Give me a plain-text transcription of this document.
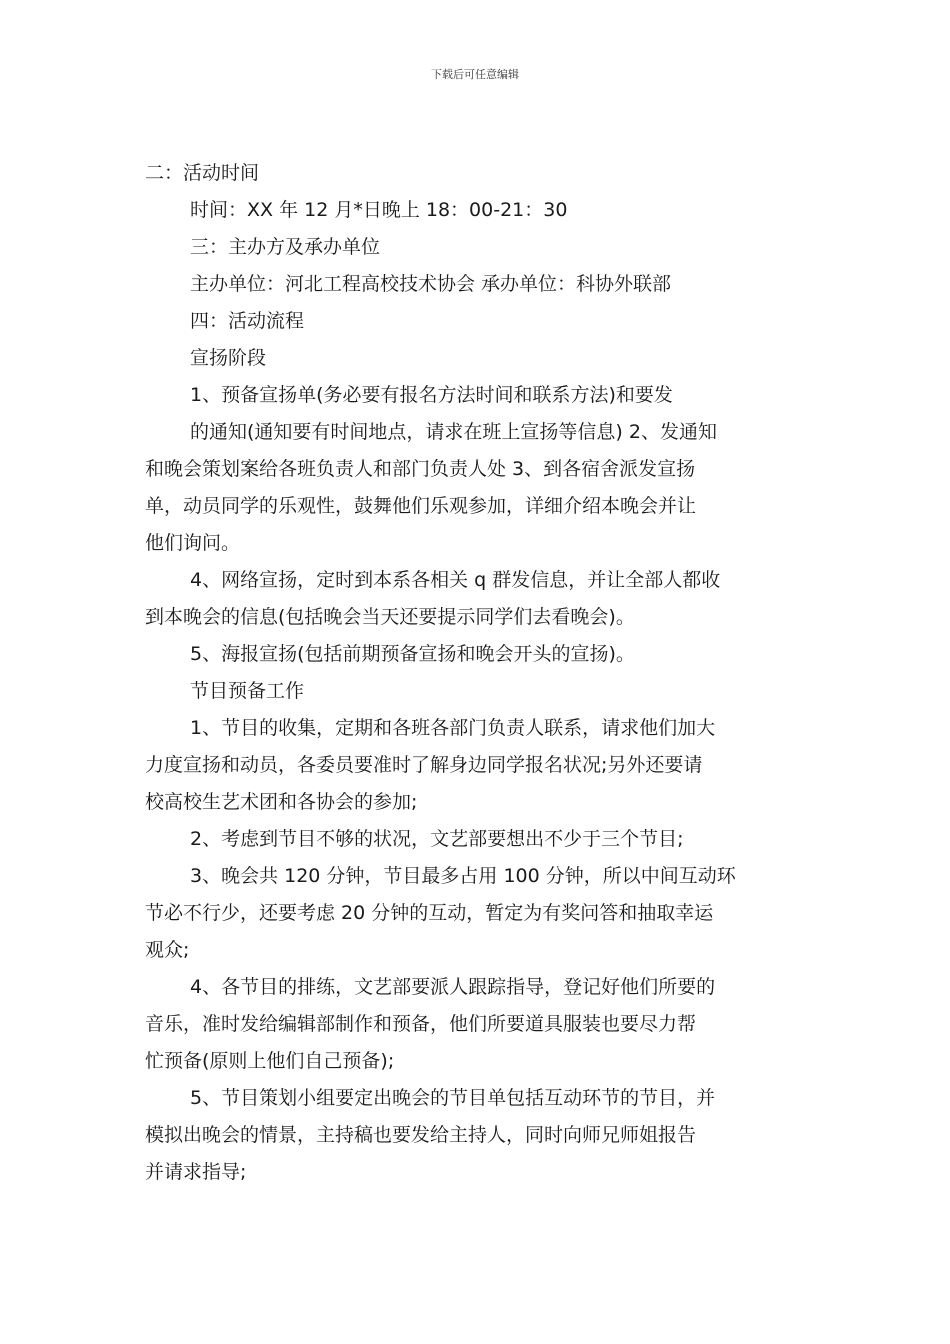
下载后可任意编辑
二：活动时间
时间：XX 年 12 月*日晚上 18：00-21：30
三：主办方及承办单位
主办单位：河北工程高校技术协会 承办单位：科协外联部
四：活动流程
宣扬阶段
1、预备宣扬单(务必要有报名方法时间和联系方法)和要发
的通知(通知要有时间地点，请求在班上宣扬等信息) 2、发通知
和晚会策划案给各班负责人和部门负责人处 3、到各宿舍派发宣扬
单，动员同学的乐观性，鼓舞他们乐观参加，详细介绍本晚会并让
他们询问。
4、网络宣扬，定时到本系各相关 q 群发信息，并让全部人都收
到本晚会的信息(包括晚会当天还要提示同学们去看晚会)。
5、海报宣扬(包括前期预备宣扬和晚会开头的宣扬)。
节目预备工作
1、节目的收集，定期和各班各部门负责人联系，请求他们加大
力度宣扬和动员，各委员要准时了解身边同学报名状况;另外还要请
校高校生艺术团和各协会的参加;
2、考虑到节目不够的状况，文艺部要想出不少于三个节目;
3、晚会共 120 分钟，节目最多占用 100 分钟，所以中间互动环
节必不行少，还要考虑 20 分钟的互动，暂定为有奖问答和抽取幸运
观众;
4、各节目的排练，文艺部要派人跟踪指导，登记好他们所要的
音乐，准时发给编辑部制作和预备，他们所要道具服装也要尽力帮
忙预备(原则上他们自己预备);
5、节目策划小组要定出晚会的节目单包括互动环节的节目，并
模拟出晚会的情景，主持稿也要发给主持人，同时向师兄师姐报告
并请求指导;
